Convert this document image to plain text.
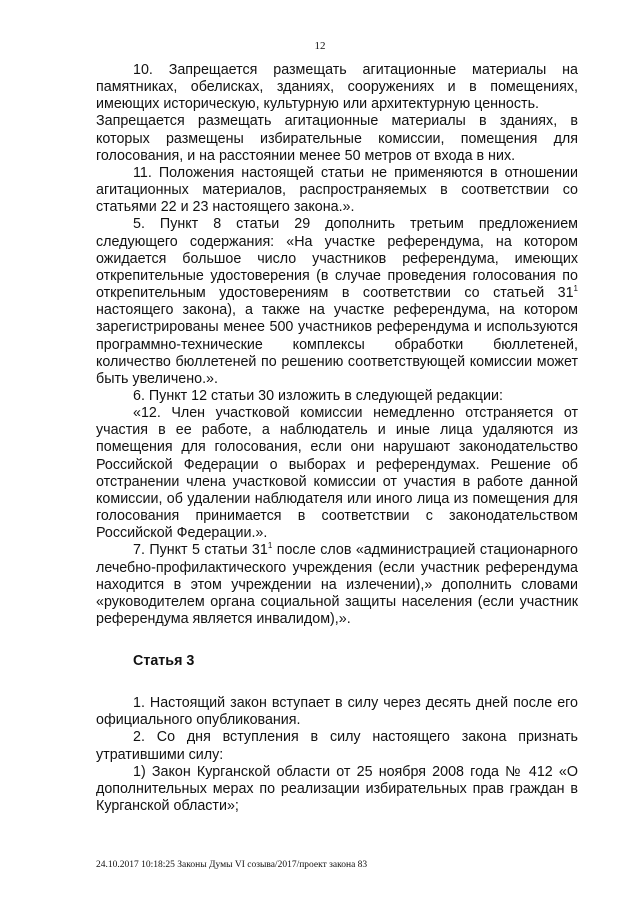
12

10. Запрещается размещать агитационные материалы на памятниках, обелисках, зданиях, сооружениях и в помещениях, имеющих историческую, культурную или архитектурную ценность.

Запрещается размещать агитационные материалы в зданиях, в которых размещены избирательные комиссии, помещения для голосования, и на расстоянии менее 50 метров от входа в них.

11. Положения настоящей статьи не применяются в отношении агитационных материалов, распространяемых в соответствии со статьями 22 и 23 настоящего закона.».

5. Пункт 8 статьи 29 дополнить третьим предложением следующего содержания: «На участке референдума, на котором ожидается большое число участников референдума, имеющих открепительные удостоверения (в случае проведения голосования по открепительным удостоверениям в соответствии со статьей $31^1$ настоящего закона), а также на участке референдума, на котором зарегистрированы менее 500 участников референдума и используются программно-технические комплексы обработки бюллетеней, количество бюллетеней по решению соответствующей комиссии может быть увеличено.».

6. Пункт 12 статьи 30 изложить в следующей редакции:

«12. Член участковой комиссии немедленно отстраняется от участия в ее работе, а наблюдатель и иные лица удаляются из помещения для голосования, если они нарушают законодательство Российской Федерации о выборах и референдумах. Решение об отстранении члена участковой комиссии от участия в работе данной комиссии, об удалении наблюдателя или иного лица из помещения для голосования принимается в соответствии с законодательством Российской Федерации.».

7. Пункт 5 статьи $31^1$ после слов «администрацией стационарного лечебно-профилактического учреждения (если участник референдума находится в этом учреждении на излечении),» дополнить словами «руководителем органа социальной защиты населения (если участник референдума является инвалидом),».

Статья 3

1. Настоящий закон вступает в силу через десять дней после его официального опубликования.

2. Со дня вступления в силу настоящего закона признать утратившими силу:

1) Закон Курганской области от 25 ноября 2008 года № 412 «О дополнительных мерах по реализации избирательных прав граждан в Курганской области»;

24.10.2017 10:18:25 Законы Думы VI созыва/2017/проект закона 83
